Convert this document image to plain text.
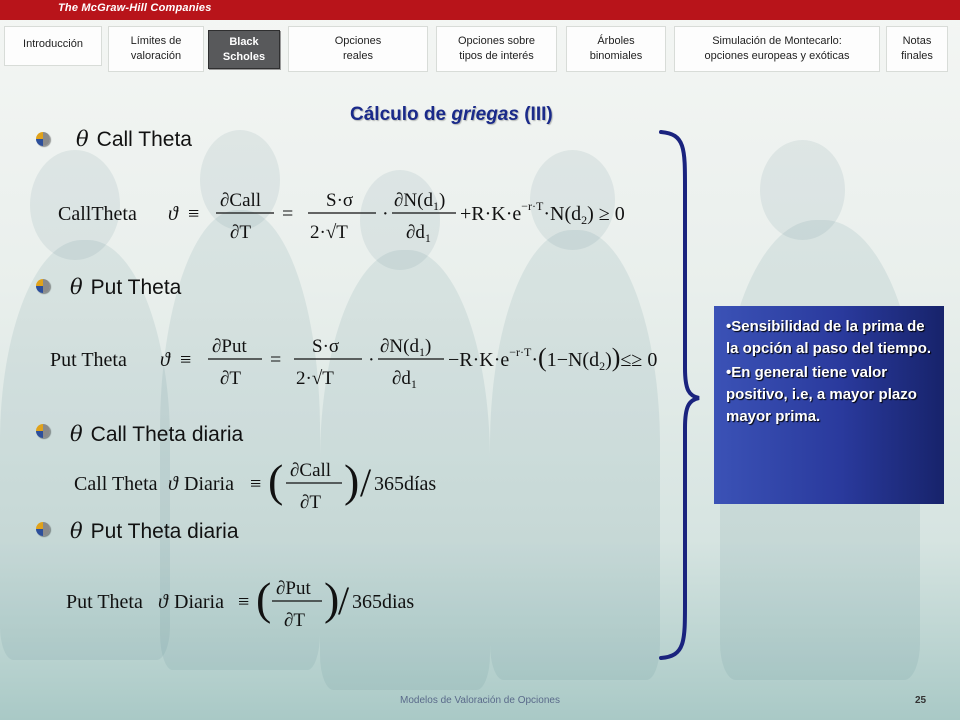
The McGraw-Hill Companies
Introducción	Límites de
valoración
Black
Scholes
Opciones
reales
Opciones sobre
tipos de interés
Árboles
binomiales
Simulación de Montecarlo:
opciones europeas y exóticas
Notas
finales
Cálculo de griegas (III)
θ Call Theta
CallTheta ϑ ≡
∂Call
∂T
=
S·σ
2·√T
·
$\partial N(d_1)$
$\partial d_1$
$+R\cdot K\cdot e^{-r\cdot T}\cdot N(d_2) \ge 0$
θ Put Theta
Put Theta ϑ ≡
∂Put
∂T
=
S·σ
2·√T
·
$\partial N(d_1)$
$\partial d_1$
$-R\cdot K\cdot e^{-r\cdot T}\cdot(1-N(d_2))\le\ge 0$
θ Call Theta diaria
Call Theta ϑ Diaria ≡ ( ∂Call
∂T ) / 365días
θ Put Theta diaria
Put Theta ϑ Diaria ≡ ( ∂Put
∂T )
/ 365dias

•Sensibilidad de la prima de la opción al paso del tiempo.

•En general tiene valor positivo, i.e, a mayor plazo mayor prima.

Modelos de Valoración de Opciones	25
